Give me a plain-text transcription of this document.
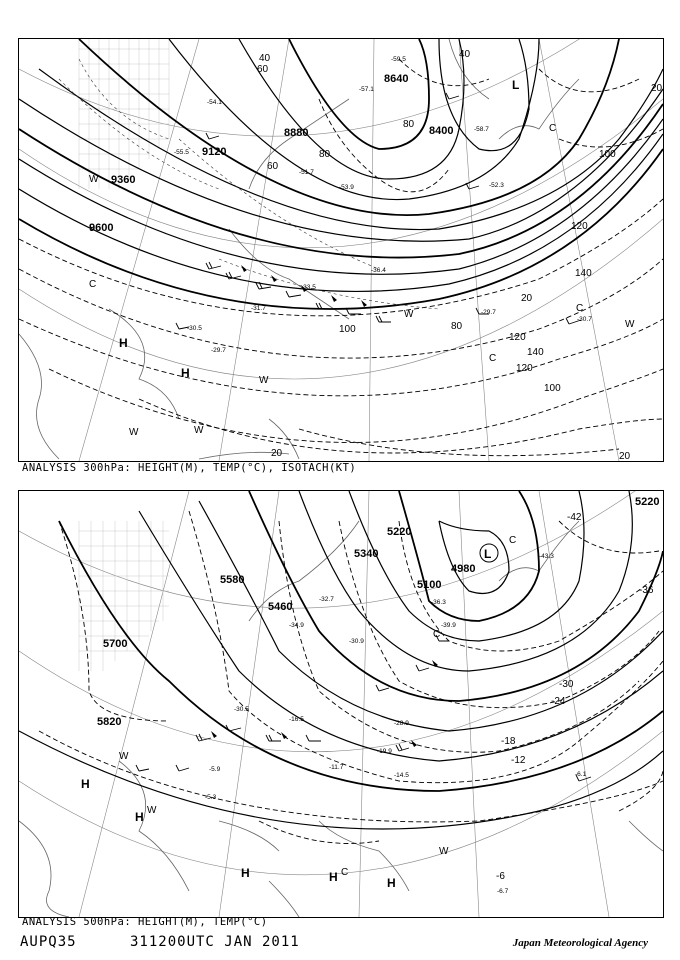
9600
9360
9120
8880
8640
8400
40
60
80
100
120
140
20
80
100
120
140
120
100
80
60
40
20
20	20
H
H
L
C
C
C
W
W
W	W
W
W
C
-29.7
-30.5
-31.7
-33.5
-36.4
-29.7
-30.7
-55.5
-57.1
-59.5
-58.7
-54.1
-53.9
-51.7
-52.3
ANALYSIS 300hPa: HEIGHT(M), TEMP(°C), ISOTACH(KT)
5700
5580
5460
5340
5220
5100
4980
5820
5220
-42
-36
-30
-24
-18
-12
-6
L
H
H
H	H	H
C
C
C
W
W
W
-32.7
-34.9
-36.3
-39.9
-43.3
-30.9
-28.9
-19.9
-14.5	-6.1
-6.7
-5.3
-11.7
-16.5
-30.5
-5.9
ANALYSIS 500hPa: HEIGHT(M), TEMP(°C)
AUPQ35	311200UTC JAN 2011	Japan Meteorological Agency
